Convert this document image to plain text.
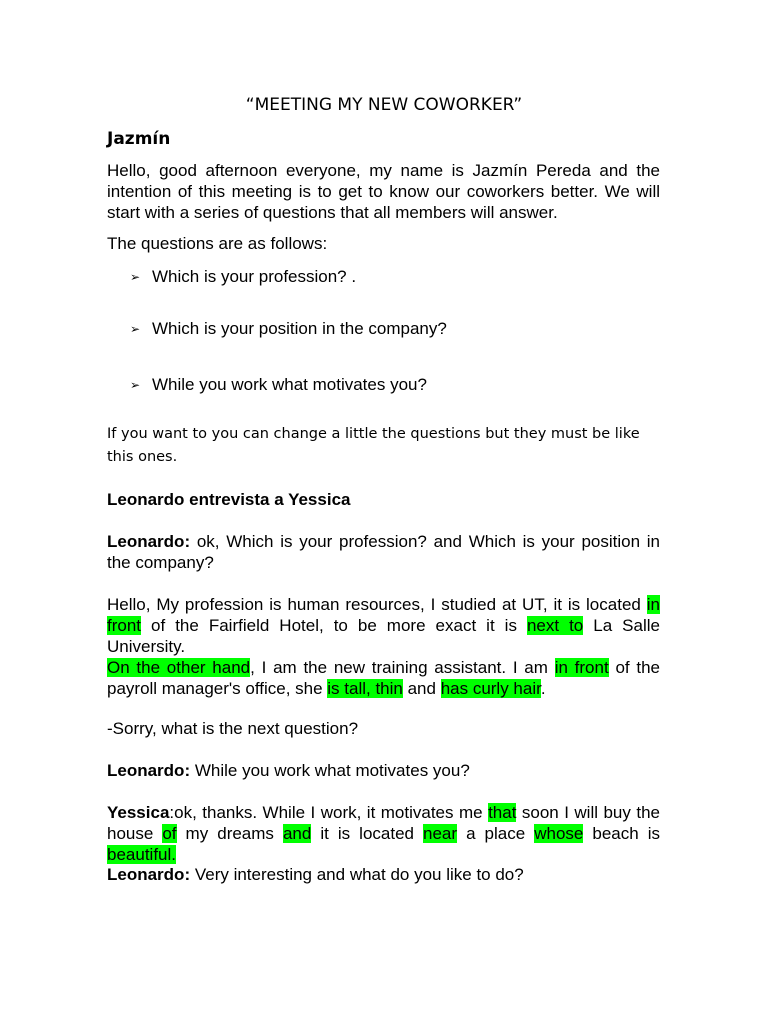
“MEETING MY NEW COWORKER”
Jazmín
Hello, good afternoon everyone, my name is Jazmín Pereda and the intention of this meeting is to get to know our coworkers better. We will start with a series of questions that all members will answer.
The questions are as follows:
➢ Which is your profession? .
➢ Which is your position in the company?
➢ While you work what motivates you?
If you want to you can change a little the questions but they must be like this ones.
Leonardo entrevista a Yessica
Leonardo: ok, Which is your profession? and Which is your position in the company?
Hello, My profession is human resources, I studied at UT, it is located in front of the Fairfield Hotel, to be more exact it is next to La Salle University.
On the other hand, I am the new training assistant. I am in front of the payroll manager's office, she is tall, thin and has curly hair.
-Sorry, what is the next question?
Leonardo: While you work what motivates you?
Yessica:ok, thanks. While I work, it motivates me that soon I will buy the house of my dreams and it is located near a place whose beach is beautiful.
Leonardo: Very interesting and what do you like to do?
